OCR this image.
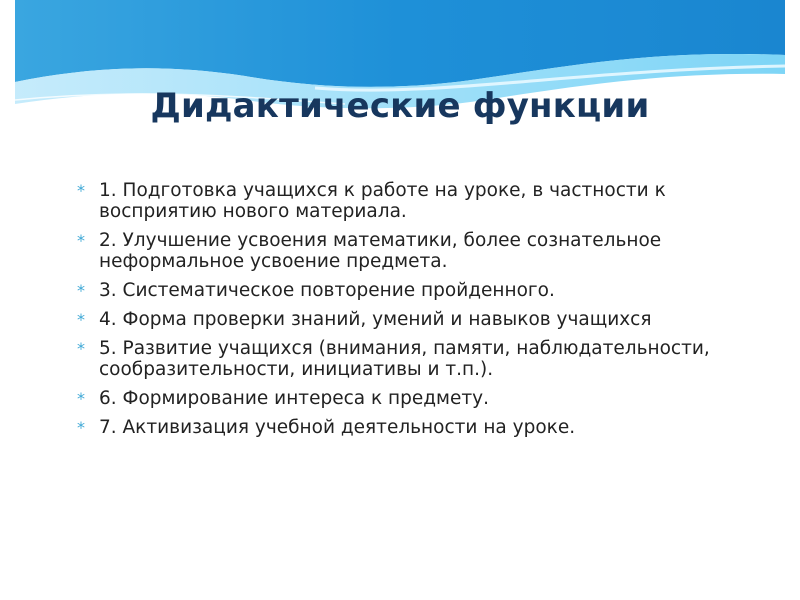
Дидактические функции
* 1. Подготовка учащихся к работе на уроке, в частности к восприятию нового материала.
* 2. Улучшение усвоения математики, более сознательное неформальное усвоение предмета.
* 3. Систематическое повторение пройденного.
* 4. Форма проверки знаний, умений и навыков учащихся
* 5. Развитие учащихся (внимания, памяти, наблюдательности, сообразительности, инициативы и т.п.).
* 6. Формирование интереса к предмету.
* 7. Активизация учебной деятельности на уроке.
